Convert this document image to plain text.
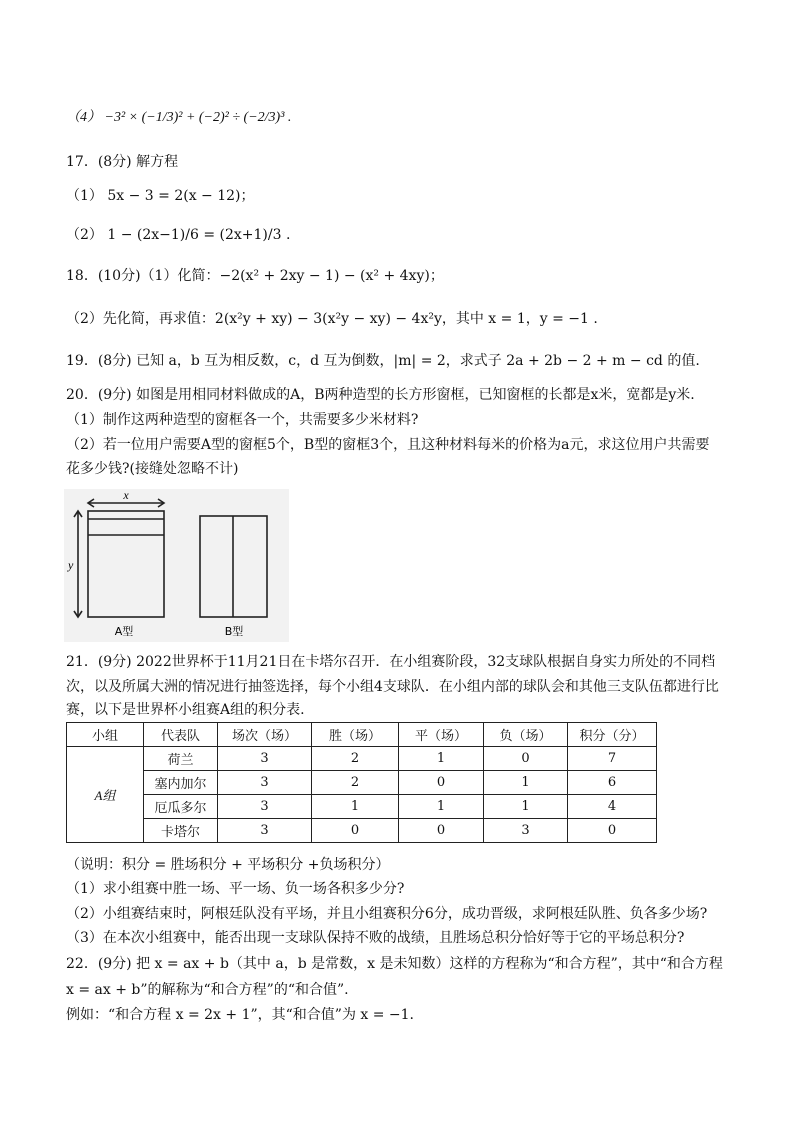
（4） −3² × (−1/3)² + (−2)² ÷ (−2/3)³ .
17．(8分) 解方程
（1） 5x − 3 = 2(x − 12)；
（2） 1 − (2x−1)/6 = (2x+1)/3 .
18．(10分)（1）化简：−2(x² + 2xy − 1) − (x² + 4xy)；
（2）先化简，再求值：2(x²y + xy) − 3(x²y − xy) − 4x²y，其中 x = 1，y = −1 .
19．(8分) 已知 a，b 互为相反数，c，d 互为倒数，|m| = 2，求式子 2a + 2b − 2 + m − cd 的值.
20．(9分) 如图是用相同材料做成的A，B两种造型的长方形窗框，已知窗框的长都是x米，宽都是y米.
（1）制作这两种造型的窗框各一个，共需要多少米材料?
（2）若一位用户需要A型的窗框5个，B型的窗框3个，且这种材料每米的价格为a元，求这位用户共需要
花多少钱?(接缝处忽略不计)
x
y
A型	B型
21．(9分) 2022世界杯于11月21日在卡塔尔召开．在小组赛阶段，32支球队根据自身实力所处的不同档
次，以及所属大洲的情况进行抽签选择，每个小组4支球队．在小组内部的球队会和其他三支队伍都进行比
赛，以下是世界杯小组赛A组的积分表.
小组	代表队	场次（场）	胜（场）	平（场）	负（场）	积分（分）
A组	荷兰	3	2	1	0	7
	塞内加尔	3	2	0	1	6
	厄瓜多尔	3	1	1	1	4
	卡塔尔	3	0	0	3	0
（说明：积分 = 胜场积分 + 平场积分 +负场积分）
（1）求小组赛中胜一场、平一场、负一场各积多少分?
（2）小组赛结束时，阿根廷队没有平场，并且小组赛积分6分，成功晋级，求阿根廷队胜、负各多少场?
（3）在本次小组赛中，能否出现一支球队保持不败的战绩，且胜场总积分恰好等于它的平场总积分?
22．(9分) 把 x = ax + b（其中 a，b 是常数，x 是未知数）这样的方程称为“和合方程”，其中“和合方程
x = ax + b”的解称为“和合方程”的“和合值”.
例如：“和合方程 x = 2x + 1”，其“和合值”为 x = −1.
